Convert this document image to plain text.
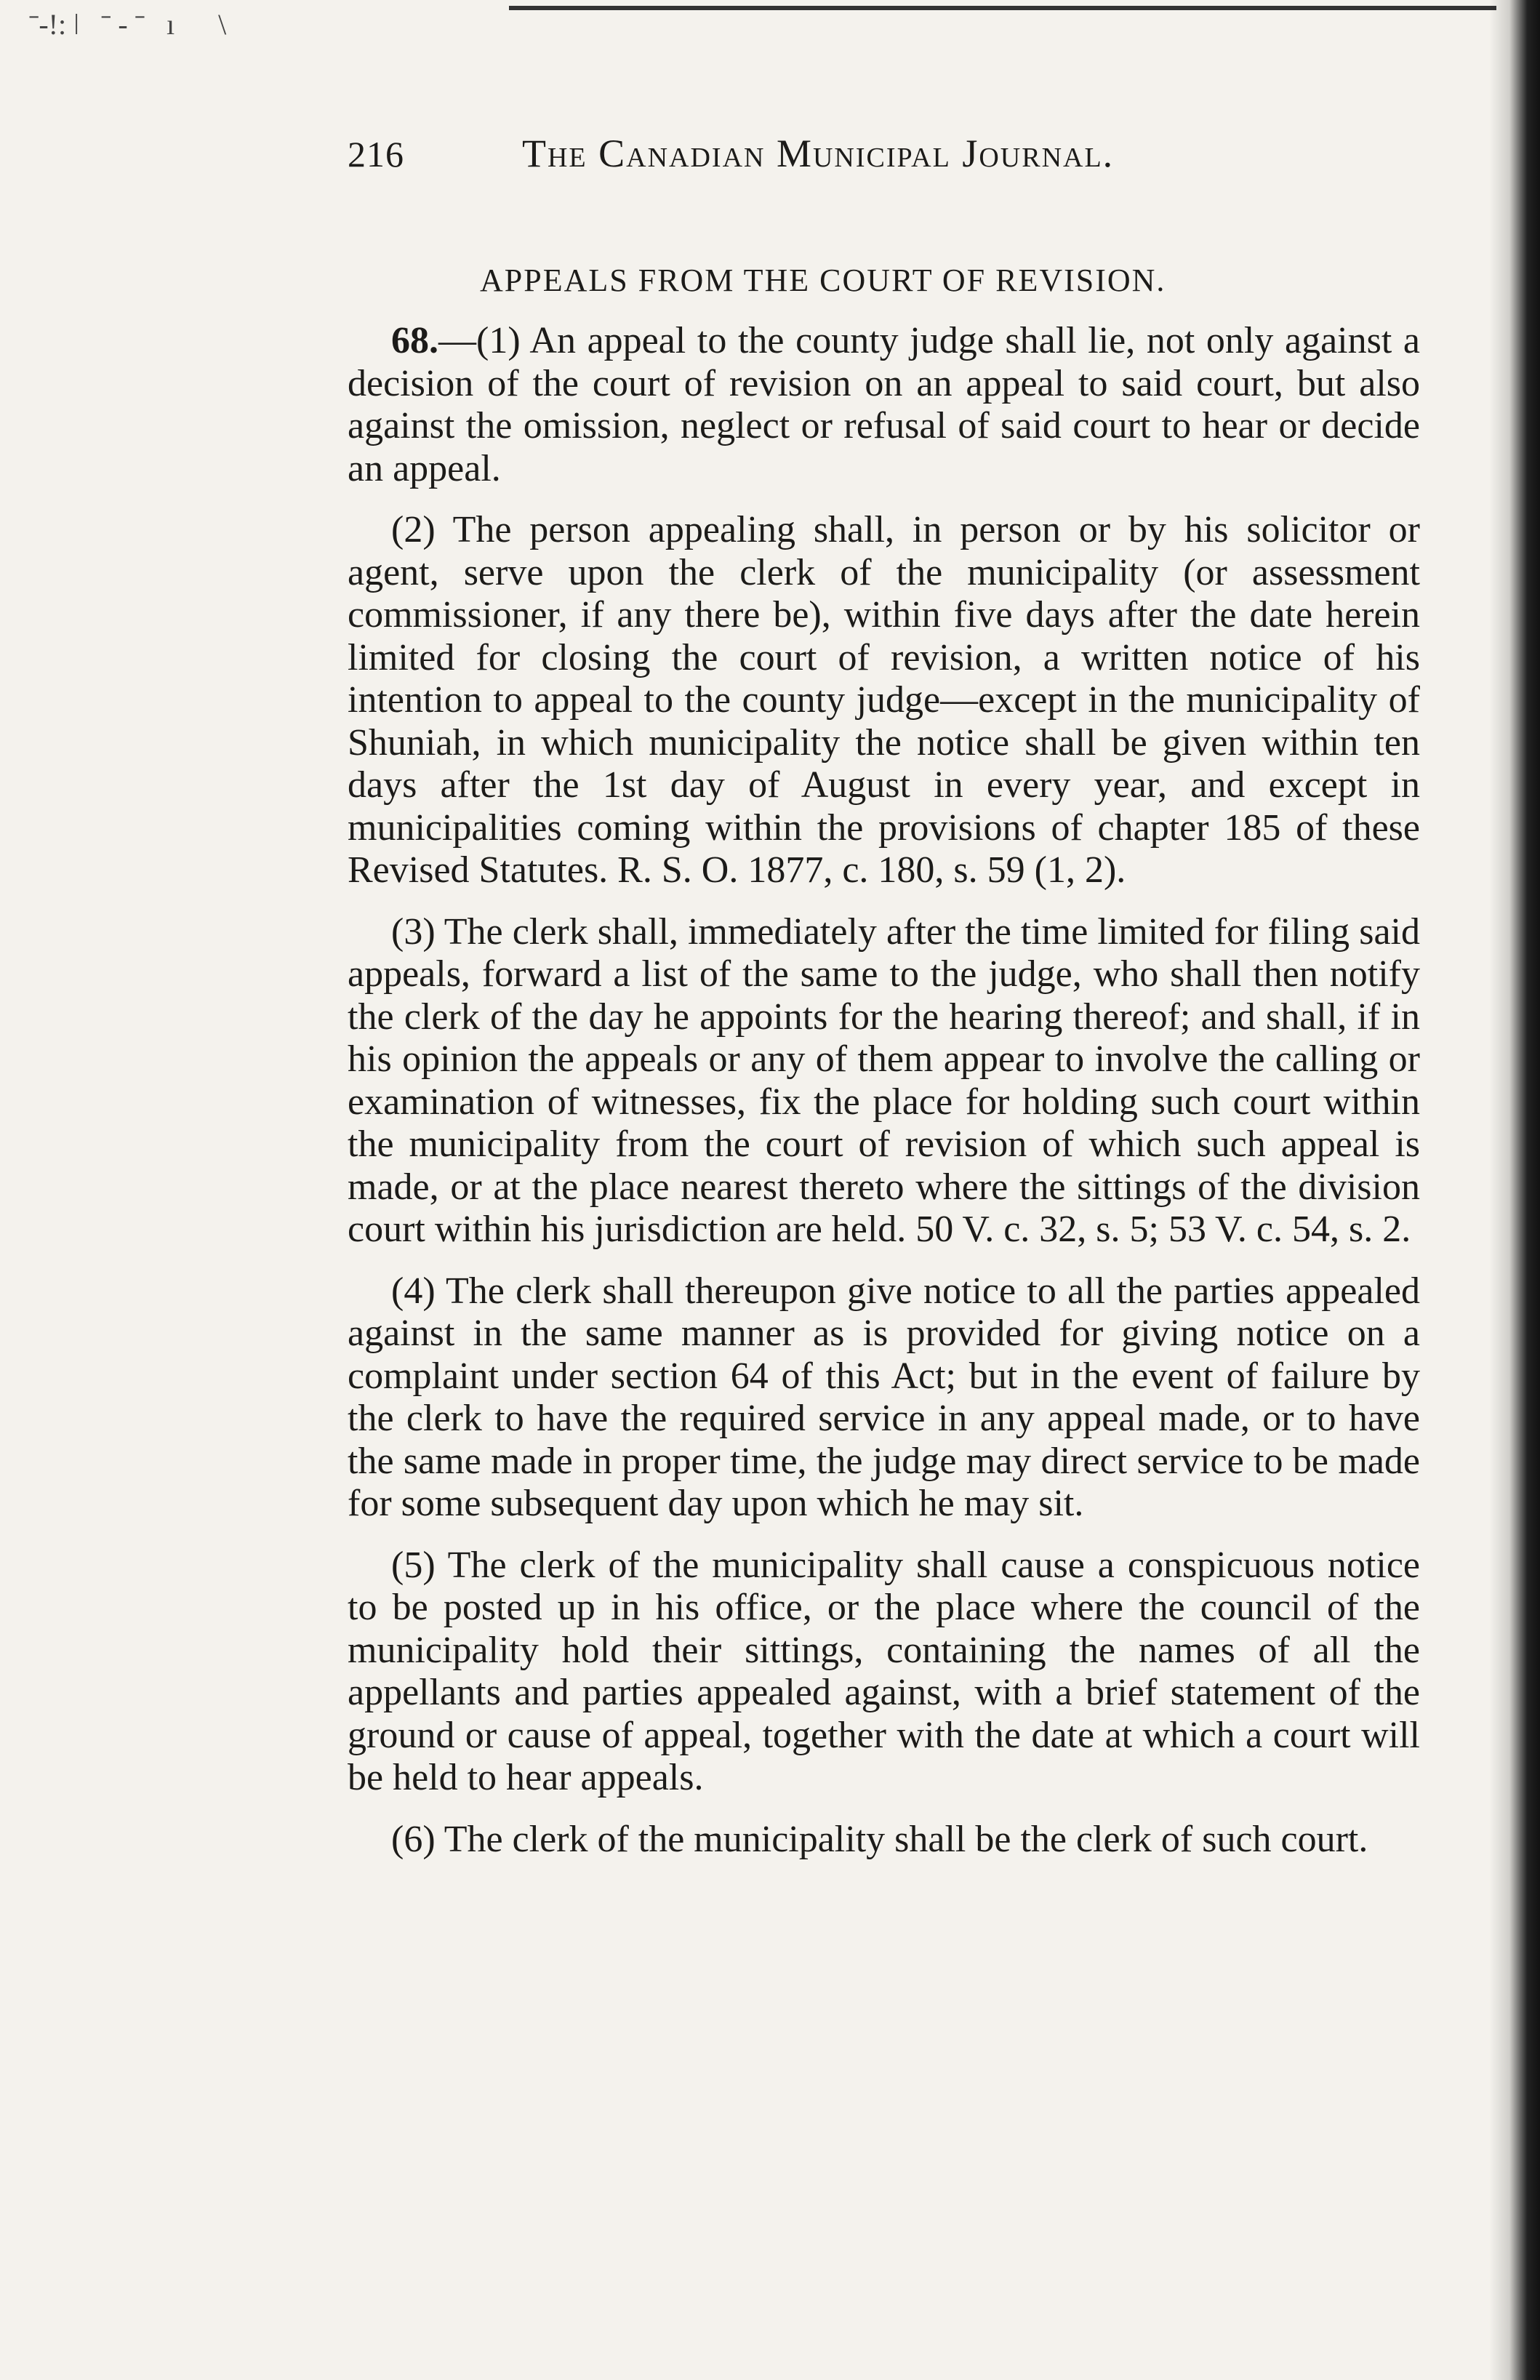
ˉ‑!: ǀ   ˉ ‑ ˉ   ı      \
216	The Canadian Municipal Journal.
APPEALS FROM THE COURT OF REVISION.

68.—(1) An appeal to the county judge shall lie, not only against a decision of the court of revision on an appeal to said court, but also against the omission, neglect or refusal of said court to hear or decide an appeal.

(2) The person appealing shall, in person or by his solicitor or agent, serve upon the clerk of the municipality (or assessment commissioner, if any there be), within five days after the date herein limited for closing the court of revision, a written notice of his intention to appeal to the county judge—except in the municipality of Shuniah, in which municipality the notice shall be given within ten days after the 1st day of August in every year, and except in municipalities coming within the provisions of chapter 185 of these Revised Statutes. R. S. O. 1877, c. 180, s. 59 (1, 2).

(3) The clerk shall, immediately after the time limited for filing said appeals, forward a list of the same to the judge, who shall then notify the clerk of the day he appoints for the hearing thereof; and shall, if in his opinion the appeals or any of them appear to involve the calling or examination of witnesses, fix the place for holding such court within the municipality from the court of revision of which such appeal is made, or at the place nearest thereto where the sittings of the division court within his jurisdiction are held. 50 V. c. 32, s. 5; 53 V. c. 54, s. 2.

(4) The clerk shall thereupon give notice to all the parties appealed against in the same manner as is provided for giving notice on a complaint under section 64 of this Act; but in the event of failure by the clerk to have the required service in any appeal made, or to have the same made in proper time, the judge may direct service to be made for some subsequent day upon which he may sit.

(5) The clerk of the municipality shall cause a conspicuous notice to be posted up in his office, or the place where the council of the municipality hold their sittings, containing the names of all the appellants and parties appealed against, with a brief statement of the ground or cause of appeal, together with the date at which a court will be held to hear appeals.

(6) The clerk of the municipality shall be the clerk of such court.
